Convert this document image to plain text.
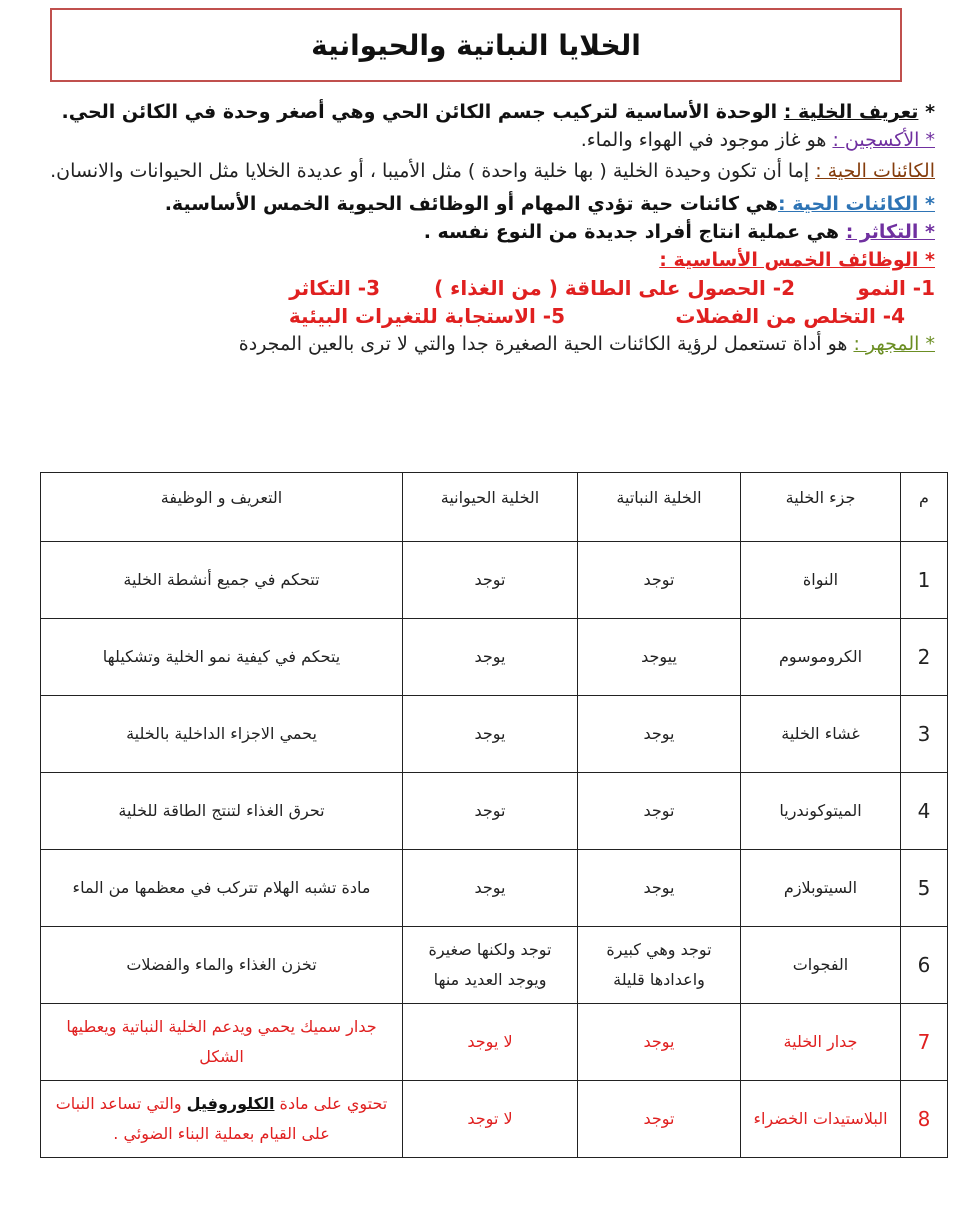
الخلايا النباتية والحيوانية

* تعريف الخلية : الوحدة الأساسية لتركيب جسم الكائن الحي وهي أصغر وحدة في الكائن الحي.

* الأكسجين : هو غاز موجود في الهواء والماء.

الكائنات الحية : إما أن تكون وحيدة الخلية ( بها خلية واحدة ) مثل الأميبا ، أو عديدة الخلايا مثل الحيوانات والانسان.

* الكائنات الحية :هي كائنات حية تؤدي المهام أو الوظائف الحيوية الخمس الأساسية.

* التكاثر : هي عملية انتاج أفراد جديدة من النوع نفسه .

* الوظائف الخمس الأساسية :

1- النمو
2- الحصول على الطاقة ( من الغذاء )
3- التكاثر
4- التخلص من الفضلات
5- الاستجابة للتغيرات البيئية

* المجهر : هو أداة تستعمل لرؤية الكائنات الحية الصغيرة جدا والتي لا ترى بالعين المجردة

م	جزء الخلية	الخلية النباتية	الخلية الحيوانية	التعريف و الوظيفة
1	النواة	توجد	توجد	تتحكم في جميع أنشطة الخلية
2	الكروموسوم	ييوجد	يوجد	يتحكم في كيفية نمو الخلية وتشكيلها
3	غشاء الخلية	يوجد	يوجد	يحمي الاجزاء الداخلية بالخلية
4	الميتوكوندريا	توجد	توجد	تحرق الغذاء لتنتج الطاقة للخلية
5	السيتوبلازم	يوجد	يوجد	مادة تشبه الهلام تتركب في معظمها من الماء
6	الفجوات	توجد وهي كبيرة واعدادها قليلة	توجد ولكنها صغيرة ويوجد العديد منها	تخزن الغذاء والماء والفضلات
7	جدار الخلية	يوجد	لا يوجد	جدار سميك يحمي ويدعم الخلية النباتية ويعطيها الشكل
8	البلاستيدات الخضراء	توجد	لا توجد	تحتوي على مادة الكلوروفيل والتي تساعد النبات على القيام بعملية البناء الضوئي .
